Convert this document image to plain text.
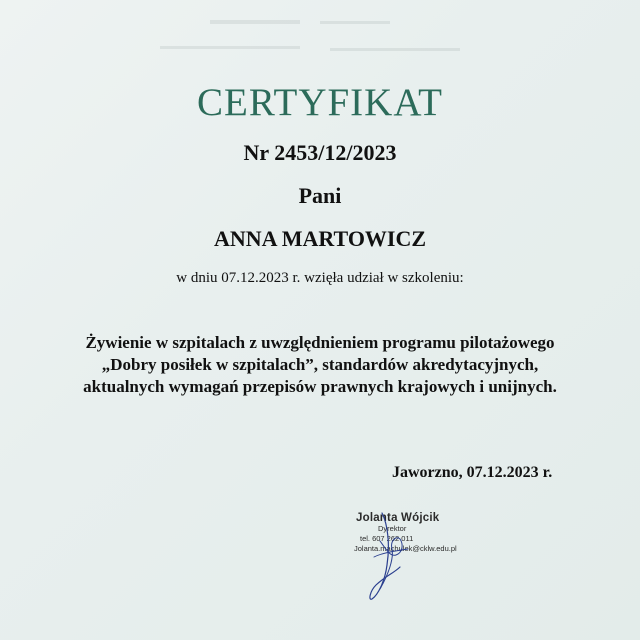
CERTYFIKAT
Nr 2453/12/2023
Pani
ANNA MARTOWICZ
w dniu 07.12.2023 r. wzięła udział w szkoleniu:
Żywienie w szpitalach z uwzględnieniem programu pilotażowego
„Dobry posiłek w szpitalach”, standardów akredytacyjnych,
aktualnych wymagań przepisów prawnych krajowych i unijnych.
Jaworzno, 07.12.2023 r.
Jolanta Wójcik
Dyrektor
tel. 607 262 011
Jolanta.machulek@cklw.edu.pl
